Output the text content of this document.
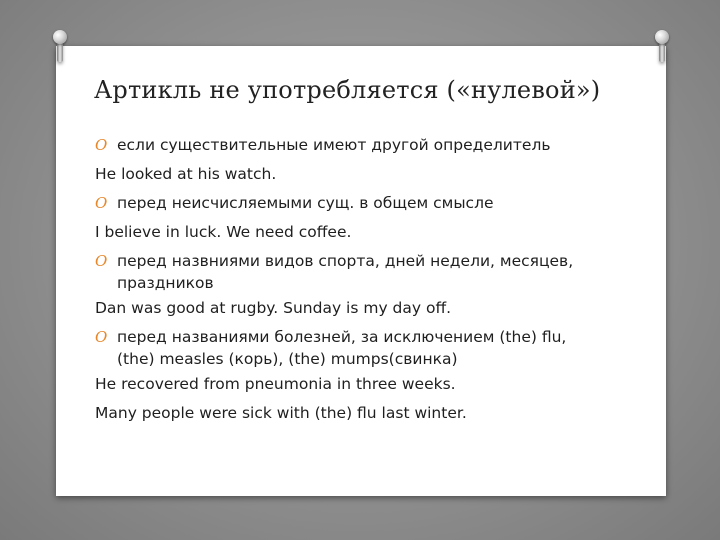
Артикль не употребляется («нулевой»)
O если существительные имеют другой определитель
He looked at his watch.
O перед неисчисляемыми сущ. в общем смысле
I believe in luck. We need coffee.
O перед назвниями видов спорта, дней недели, месяцев,
праздников
Dan was good at rugby. Sunday is my day off.
O перед названиями болезней, за исключением (the) flu,
(the) measles (корь), (the) mumps(свинка)
He recovered from pneumonia in three weeks.
Many people were sick with (the) flu last winter.
